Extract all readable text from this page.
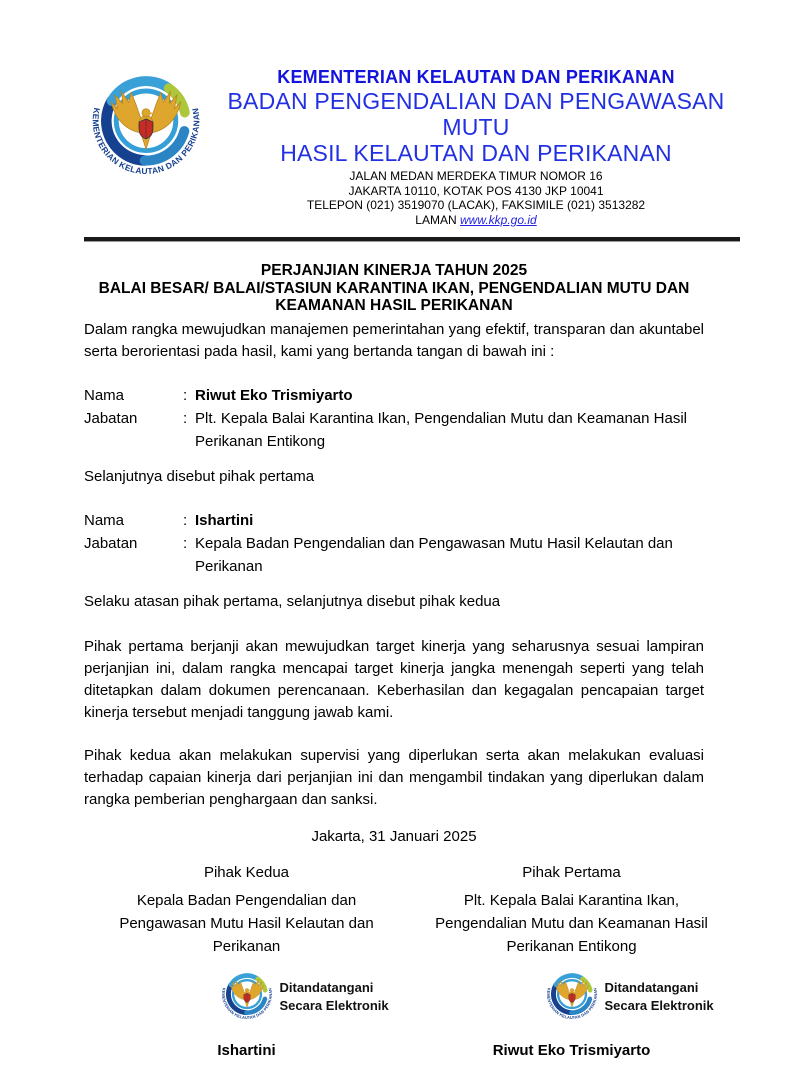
KEMENTERIAN KELAUTAN DAN PERIKANAN
BADAN PENGENDALIAN DAN PENGAWASAN MUTU
HASIL KELAUTAN DAN PERIKANAN
JALAN MEDAN MERDEKA TIMUR NOMOR 16
JAKARTA 10110, KOTAK POS 4130 JKP 10041
TELEPON (021) 3519070 (LACAK), FAKSIMILE (021) 3513282
LAMAN www.kkp.go.id
PERJANJIAN KINERJA TAHUN 2025
BALAI BESAR/ BALAI/STASIUN KARANTINA IKAN, PENGENDALIAN MUTU DAN KEAMANAN HASIL PERIKANAN

Dalam rangka mewujudkan manajemen pemerintahan yang efektif, transparan dan akuntabel serta berorientasi pada hasil, kami yang bertanda tangan di bawah ini :

Nama	: Riwut Eko Trismiyarto
Jabatan	: Plt. Kepala Balai Karantina Ikan, Pengendalian Mutu dan Keamanan Hasil Perikanan Entikong

Selanjutnya disebut pihak pertama

Nama	: Ishartini
Jabatan	: Kepala Badan Pengendalian dan Pengawasan Mutu Hasil Kelautan dan Perikanan

Selaku atasan pihak pertama, selanjutnya disebut pihak kedua

Pihak pertama berjanji akan mewujudkan target kinerja yang seharusnya sesuai lampiran perjanjian ini, dalam rangka mencapai target kinerja jangka menengah seperti yang telah ditetapkan dalam dokumen perencanaan. Keberhasilan dan kegagalan pencapaian target kinerja tersebut menjadi tanggung jawab kami.

Pihak kedua akan melakukan supervisi yang diperlukan serta akan melakukan evaluasi terhadap capaian kinerja dari perjanjian ini dan mengambil tindakan yang diperlukan dalam rangka pemberian penghargaan dan sanksi.

Jakarta, 31 Januari 2025
Pihak Kedua
Kepala Badan Pengendalian dan Pengawasan Mutu Hasil Kelautan dan Perikanan
Ditandatangani
Secara Elektronik
Ishartini
Pihak Pertama
Plt. Kepala Balai Karantina Ikan, Pengendalian Mutu dan Keamanan Hasil Perikanan Entikong
Ditandatangani
Secara Elektronik
Riwut Eko Trismiyarto
